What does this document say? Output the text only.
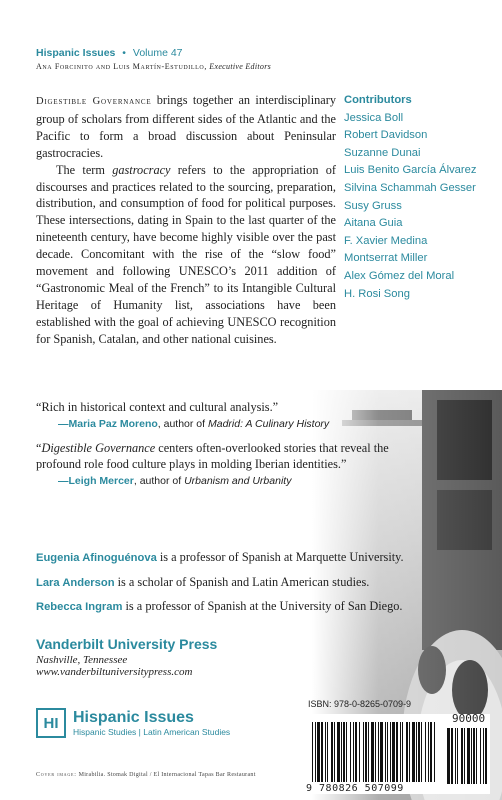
Hispanic Issues • Volume 47
Ana Forcinito and Luis Martín-Estudillo, Executive Editors

Digestible Governance brings together an interdisciplinary group of scholars from different sides of the Atlantic and the Pacific to form a broad discussion about Peninsular gastrocracies.

The term gastrocracy refers to the appropriation of discourses and practices related to the sourcing, preparation, distribution, and consumption of food for political purposes. These intersections, dating in Spain to the last quarter of the nineteenth century, have become highly visible over the past decade. Concomitant with the rise of the “slow food” movement and following UNESCO’s 2011 addition of “Gastronomic Meal of the French” to its Intangible Cultural Heritage of Humanity list, associations have been established with the goal of achieving UNESCO recognition for Spanish, Catalan, and other national cuisines.

Contributors
Jessica Boll
Robert Davidson
Suzanne Dunai
Luis Benito García Álvarez
Silvina Schammah Gesser
Susy Gruss
Aitana Guia
F. Xavier Medina
Montserrat Miller
Alex Gómez del Moral
H. Rosi Song

“Rich in historical context and cultural analysis.”

—Maria Paz Moreno, author of Madrid: A Culinary History

“Digestible Governance centers often-overlooked stories that reveal the profound role food culture plays in molding Iberian identities.”

—Leigh Mercer, author of Urbanism and Urbanity

Eugenia Afinoguénova is a professor of Spanish at Marquette University.

Lara Anderson is a scholar of Spanish and Latin American studies.

Rebecca Ingram is a professor of Spanish at the University of San Diego.

Vanderbilt University Press
Nashville, Tennessee
www.vanderbiltuniversitypress.com
HI Hispanic Issues
Hispanic Studies | Latin American Studies
Cover image: Mirabilia. Stomak Digital / El Internacional Tapas Bar Restaurant
ISBN: 978-0-8265-0709-9
90000
9 780826 507099
